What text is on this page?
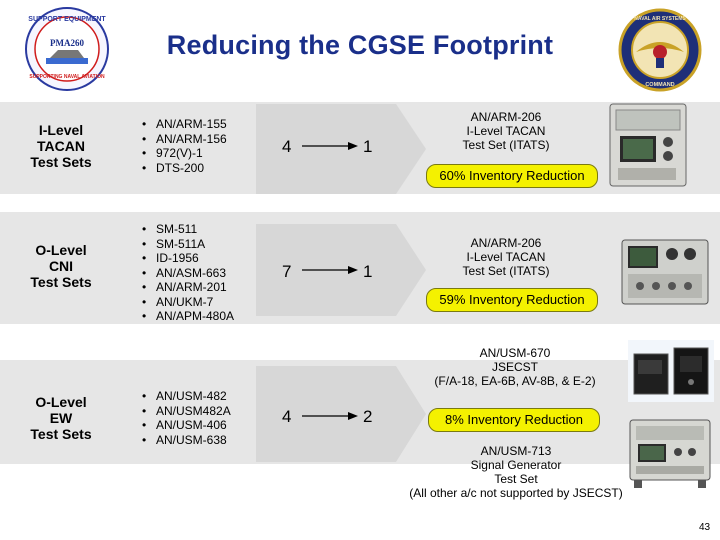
SUPPORT EQUIPMENT
PMA260
SUPPORTING NAVAL AVIATION
Reducing the CGSE Footprint
NAVAL AIR SYSTEMS
COMMAND
I-Level
TACAN
Test Sets
• AN/ARM-155
• AN/ARM-156
• 972(V)-1
• DTS-200
4	1
AN/ARM-206
I-Level TACAN
Test Set (ITATS)
60% Inventory Reduction
O-Level
CNI
Test Sets
• SM-511
• SM-511A
• ID-1956
• AN/ASM-663
• AN/ARM-201
• AN/UKM-7
• AN/APM-480A
7	1
AN/ARM-206
I-Level TACAN
Test Set (ITATS)
59% Inventory Reduction
AN/USM-670
JSECST
(F/A-18, EA-6B, AV-8B, & E-2)
O-Level
EW
Test Sets
• AN/USM-482
• AN/USM482A
• AN/USM-406
• AN/USM-638
4	2	8% Inventory Reduction
AN/USM-713
Signal Generator
Test Set
(All other a/c not supported by JSECST)
43
